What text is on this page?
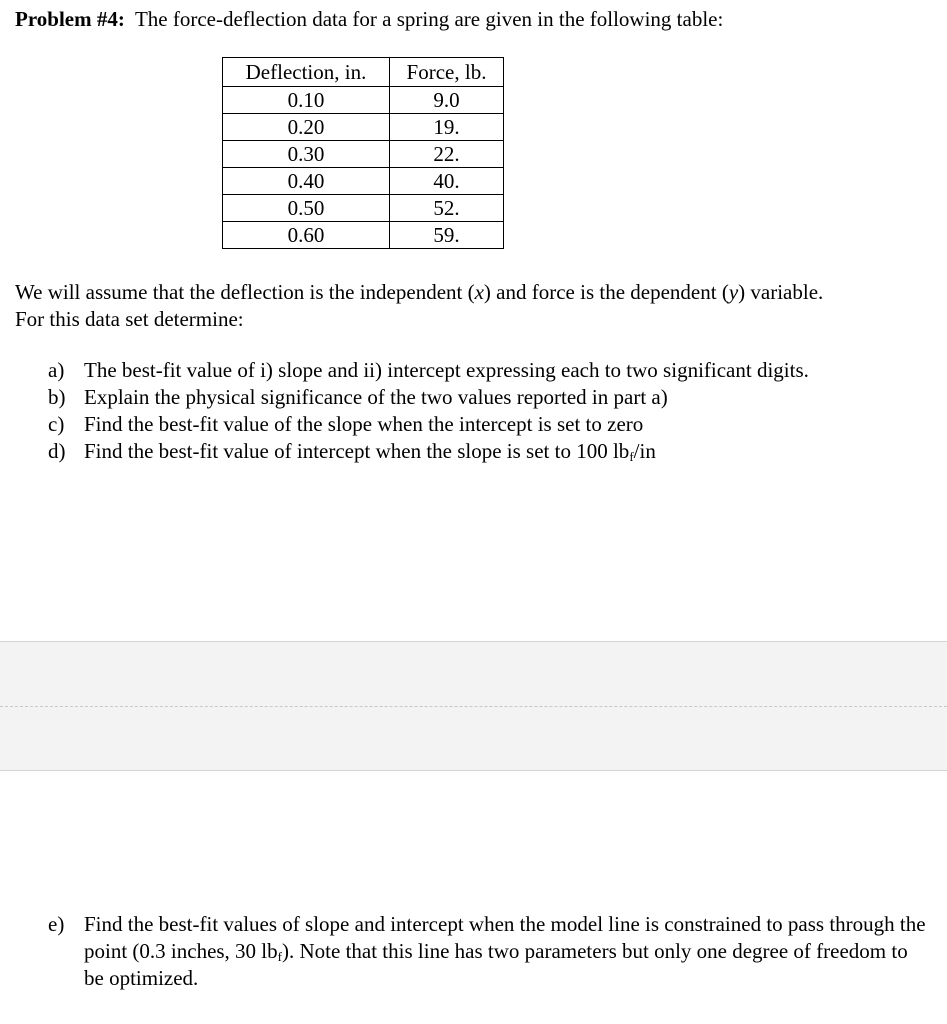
Problem #4: The force-deflection data for a spring are given in the following table:
Deflection, in.	Force, lb.
0.10	9.0
0.20	19.
0.30	22.
0.40	40.
0.50	52.
0.60	59.
We will assume that the deflection is the independent (x) and force is the dependent (y) variable.
For this data set determine:
a) The best-fit value of i) slope and ii) intercept expressing each to two significant digits.
b) Explain the physical significance of the two values reported in part a)
c) Find the best-fit value of the slope when the intercept is set to zero
d) Find the best-fit value of intercept when the slope is set to 100 $lb_f/in$
e) Find the best-fit values of slope and intercept when the model line is constrained to pass through the point (0.3 inches, 30 $lb_f$). Note that this line has two parameters but only one degree of freedom to be optimized.
